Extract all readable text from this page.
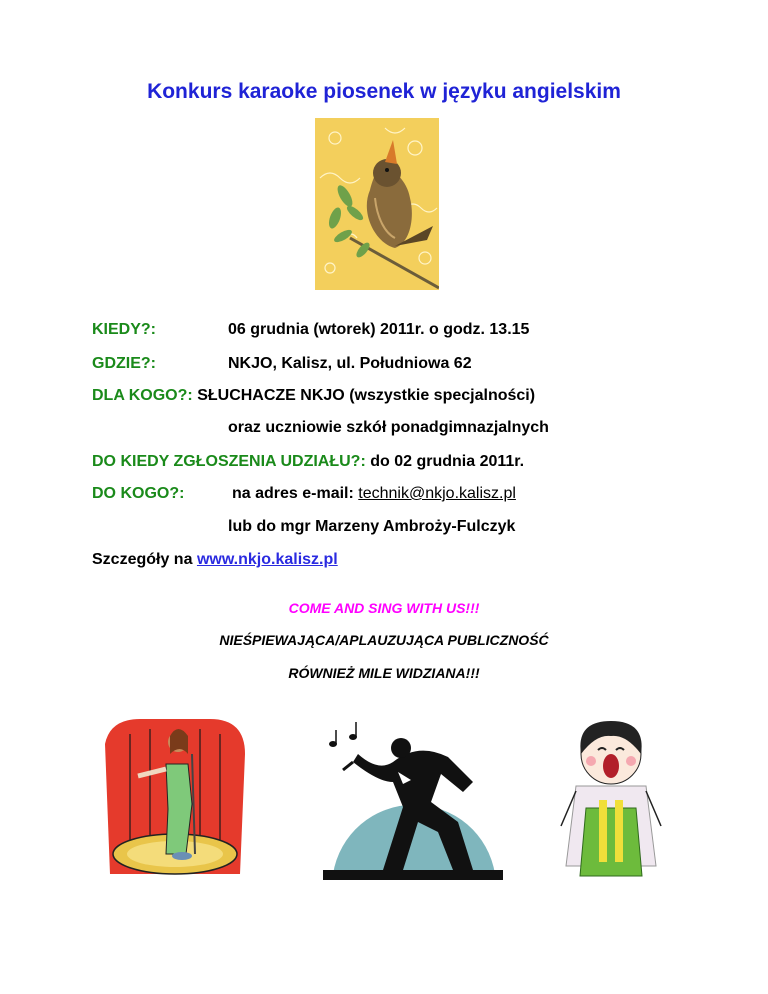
Konkurs karaoke piosenek w języku angielskim
KIEDY?:	06 grudnia (wtorek) 2011r. o godz. 13.15
GDZIE?:	NKJO, Kalisz, ul. Południowa 62
DLA KOGO?: SŁUCHACZE NKJO (wszystkie specjalności)
oraz uczniowie szkół ponadgimnazjalnych
DO KIEDY ZGŁOSZENIA UDZIAŁU?: do 02 grudnia 2011r.
DO KOGO?:	na adres e-mail: technik@nkjo.kalisz.pl
lub do mgr Marzeny Ambroży-Fulczyk
Szczegóły na www.nkjo.kalisz.pl
COME AND SING WITH US!!!
NIEŚPIEWAJĄCA/APLAUZUJĄCA PUBLICZNOŚĆ
RÓWNIEŻ MILE WIDZIANA!!!
